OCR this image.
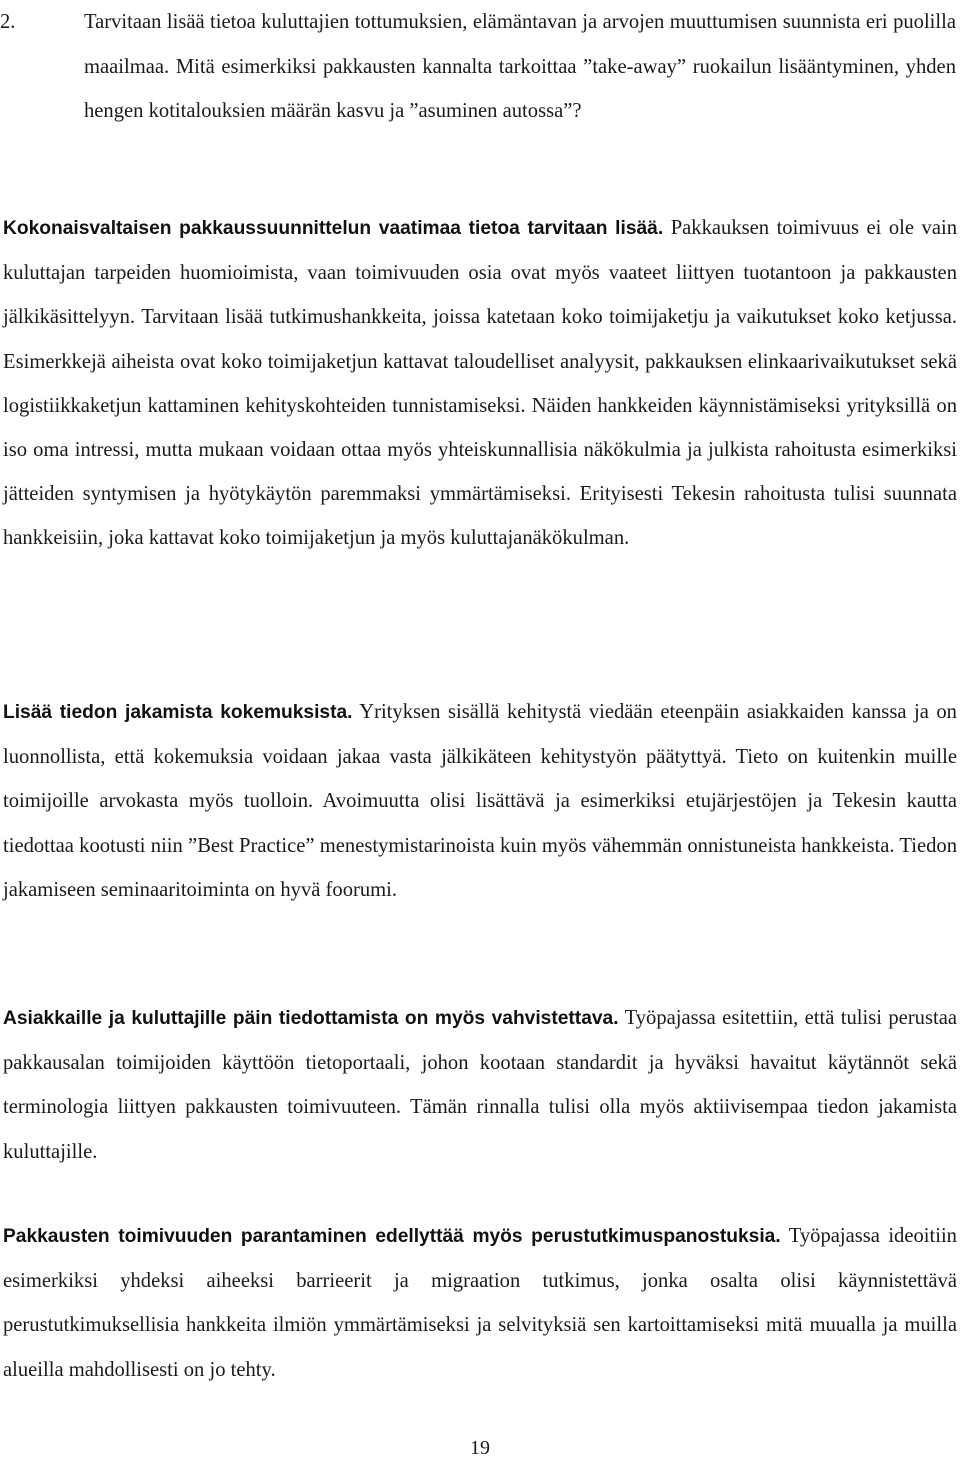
2.	Tarvitaan lisää tietoa kuluttajien tottumuksien, elämäntavan ja arvojen muuttumisen suunnista eri puolilla maailmaa. Mitä esimerkiksi pakkausten kannalta tarkoittaa ”take-away” ruokailun lisääntyminen, yhden hengen kotitalouksien määrän kasvu ja ”asuminen autossa”?

Kokonaisvaltaisen pakkaussuunnittelun vaatimaa tietoa tarvitaan lisää. Pakkauksen toimivuus ei ole vain kuluttajan tarpeiden huomioimista, vaan toimivuuden osia ovat myös vaateet liittyen tuotantoon ja pakkausten jälkikäsittelyyn. Tarvitaan lisää tutkimushankkeita, joissa katetaan koko toimijaketju ja vaikutukset koko ketjussa. Esimerkkejä aiheista ovat koko toimijaketjun kattavat taloudelliset analyysit, pakkauksen elinkaarivaikutukset sekä logistiikkaketjun kattaminen kehityskohteiden tunnistamiseksi. Näiden hankkeiden käynnistämiseksi yrityksillä on iso oma intressi, mutta mukaan voidaan ottaa myös yhteiskunnallisia näkökulmia ja julkista rahoitusta esimerkiksi jätteiden syntymisen ja hyötykäytön paremmaksi ymmärtämiseksi. Erityisesti Tekesin rahoitusta tulisi suunnata hankkeisiin, joka kattavat koko toimijaketjun ja myös kuluttajanäkökulman.

Lisää tiedon jakamista kokemuksista. Yrityksen sisällä kehitystä viedään eteenpäin asiakkaiden kanssa ja on luonnollista, että kokemuksia voidaan jakaa vasta jälkikäteen kehitystyön päätyttyä. Tieto on kuitenkin muille toimijoille arvokasta myös tuolloin. Avoimuutta olisi lisättävä ja esimerkiksi etujärjestöjen ja Tekesin kautta tiedottaa kootusti niin ”Best Practice” menestymistarinoista kuin myös vähemmän onnistuneista hankkeista. Tiedon jakamiseen seminaaritoiminta on hyvä foorumi.

Asiakkaille ja kuluttajille päin tiedottamista on myös vahvistettava. Työpajassa esitettiin, että tulisi perustaa pakkausalan toimijoiden käyttöön tietoportaali, johon kootaan standardit ja hyväksi havaitut käytännöt sekä terminologia liittyen pakkausten toimivuuteen. Tämän rinnalla tulisi olla myös aktiivisempaa tiedon jakamista kuluttajille.

Pakkausten toimivuuden parantaminen edellyttää myös perustutkimuspanostuksia. Työpajassa ideoitiin esimerkiksi yhdeksi aiheeksi barrieerit ja migraation tutkimus, jonka osalta olisi käynnistettävä perustutkimuksellisia hankkeita ilmiön ymmärtämiseksi ja selvityksiä sen kartoittamiseksi mitä muualla ja muilla alueilla mahdollisesti on jo tehty.

19
